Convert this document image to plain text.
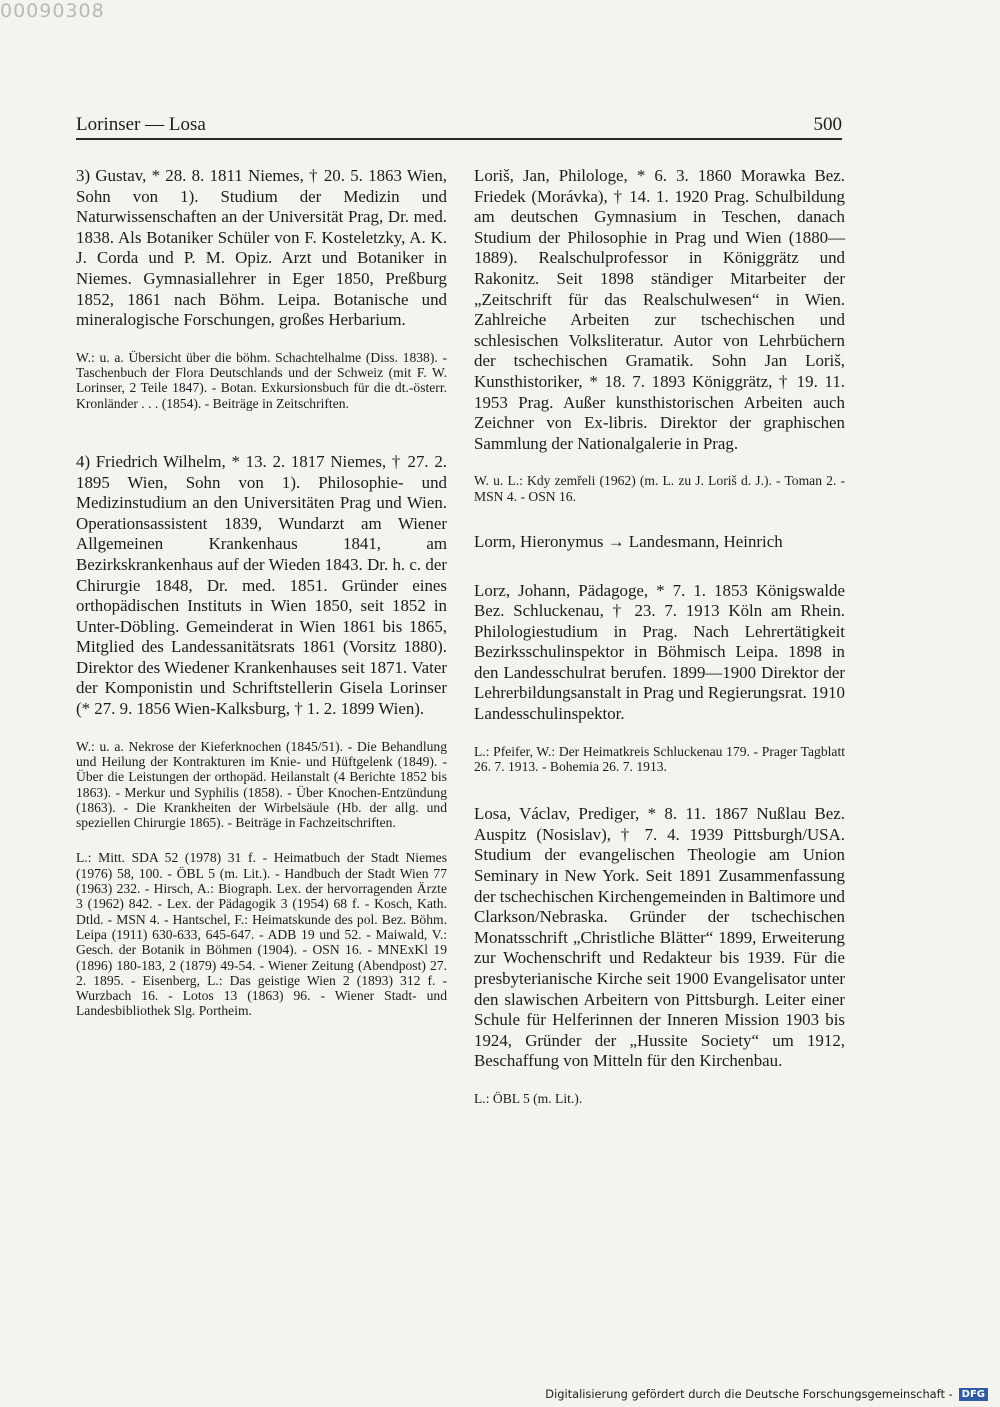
00090308
Lorinser — Losa	500

3) Gustav, * 28. 8. 1811 Niemes, † 20. 5. 1863 Wien, Sohn von 1). Studium der Medizin und Naturwissenschaften an der Universität Prag, Dr. med. 1838. Als Botaniker Schüler von F. Kosteletzky, A. K. J. Corda und P. M. Opiz. Arzt und Botaniker in Niemes. Gymnasiallehrer in Eger 1850, Preßburg 1852, 1861 nach Böhm. Leipa. Botanische und mineralogische Forschungen, großes Herbarium.

W.: u. a. Übersicht über die böhm. Schachtelhalme (Diss. 1838). - Taschenbuch der Flora Deutschlands und der Schweiz (mit F. W. Lorinser, 2 Teile 1847). - Botan. Exkursionsbuch für die dt.-österr. Kronländer . . . (1854). - Beiträge in Zeitschriften.

4) Friedrich Wilhelm, * 13. 2. 1817 Niemes, † 27. 2. 1895 Wien, Sohn von 1). Philosophie- und Medizinstudium an den Universitäten Prag und Wien. Operationsassistent 1839, Wundarzt am Wiener Allgemeinen Krankenhaus 1841, am Bezirkskrankenhaus auf der Wieden 1843. Dr. h. c. der Chirurgie 1848, Dr. med. 1851. Gründer eines orthopädischen Instituts in Wien 1850, seit 1852 in Unter-Döbling. Gemeinderat in Wien 1861 bis 1865, Mitglied des Landessanitätsrats 1861 (Vorsitz 1880). Direktor des Wiedener Krankenhauses seit 1871. Vater der Komponistin und Schriftstellerin Gisela Lorinser (* 27. 9. 1856 Wien-Kalksburg, † 1. 2. 1899 Wien).

W.: u. a. Nekrose der Kieferknochen (1845/51). - Die Behandlung und Heilung der Kontrakturen im Knie- und Hüftgelenk (1849). - Über die Leistungen der orthopäd. Heilanstalt (4 Berichte 1852 bis 1863). - Merkur und Syphilis (1858). - Über Knochen-Entzündung (1863). - Die Krankheiten der Wirbelsäule (Hb. der allg. und speziellen Chirurgie 1865). - Beiträge in Fachzeitschriften.

L.: Mitt. SDA 52 (1978) 31 f. - Heimatbuch der Stadt Niemes (1976) 58, 100. - ÖBL 5 (m. Lit.). - Handbuch der Stadt Wien 77 (1963) 232. - Hirsch, A.: Biograph. Lex. der hervorragenden Ärzte 3 (1962) 842. - Lex. der Pädagogik 3 (1954) 68 f. - Kosch, Kath. Dtld. - MSN 4. - Hantschel, F.: Heimatskunde des pol. Bez. Böhm. Leipa (1911) 630-633, 645-647. - ADB 19 und 52. - Maiwald, V.: Gesch. der Botanik in Böhmen (1904). - OSN 16. - MNExKl 19 (1896) 180-183, 2 (1879) 49-54. - Wiener Zeitung (Abendpost) 27. 2. 1895. - Eisenberg, L.: Das geistige Wien 2 (1893) 312 f. - Wurzbach 16. - Lotos 13 (1863) 96. - Wiener Stadt- und Landesbibliothek Slg. Portheim.

Loriš, Jan, Philologe, * 6. 3. 1860 Morawka Bez. Friedek (Morávka), † 14. 1. 1920 Prag. Schulbildung am deutschen Gymnasium in Teschen, danach Studium der Philosophie in Prag und Wien (1880—1889). Realschulprofessor in Königgrätz und Rakonitz. Seit 1898 ständiger Mitarbeiter der „Zeitschrift für das Realschulwesen“ in Wien. Zahlreiche Arbeiten zur tschechischen und schlesischen Volksliteratur. Autor von Lehrbüchern der tschechischen Gramatik. Sohn Jan Loriš, Kunsthistoriker, * 18. 7. 1893 Königgrätz, † 19. 11. 1953 Prag. Außer kunsthistorischen Arbeiten auch Zeichner von Ex-libris. Direktor der graphischen Sammlung der Nationalgalerie in Prag.

W. u. L.: Kdy zemřeli (1962) (m. L. zu J. Loriš d. J.). - Toman 2. - MSN 4. - OSN 16.

Lorm, Hieronymus → Landesmann, Heinrich

Lorz, Johann, Pädagoge, * 7. 1. 1853 Königswalde Bez. Schluckenau, † 23. 7. 1913 Köln am Rhein. Philologiestudium in Prag. Nach Lehrertätigkeit Bezirksschulinspektor in Böhmisch Leipa. 1898 in den Landesschulrat berufen. 1899—1900 Direktor der Lehrerbildungsanstalt in Prag und Regierungsrat. 1910 Landesschulinspektor.

L.: Pfeifer, W.: Der Heimatkreis Schluckenau 179. - Prager Tagblatt 26. 7. 1913. - Bohemia 26. 7. 1913.

Losa, Václav, Prediger, * 8. 11. 1867 Nußlau Bez. Auspitz (Nosislav), † 7. 4. 1939 Pittsburgh/USA. Studium der evangelischen Theologie am Union Seminary in New York. Seit 1891 Zusammenfassung der tschechischen Kirchengemeinden in Baltimore und Clarkson/Nebraska. Gründer der tschechischen Monatsschrift „Christliche Blätter“ 1899, Erweiterung zur Wochenschrift und Redakteur bis 1939. Für die presbyterianische Kirche seit 1900 Evangelisator unter den slawischen Arbeitern von Pittsburgh. Leiter einer Schule für Helferinnen der Inneren Mission 1903 bis 1924, Gründer der „Hussite Society“ um 1912, Beschaffung von Mitteln für den Kirchenbau.

L.: ÖBL 5 (m. Lit.).

Digitalisierung gefördert durch die Deutsche Forschungsgemeinschaft - DFG
